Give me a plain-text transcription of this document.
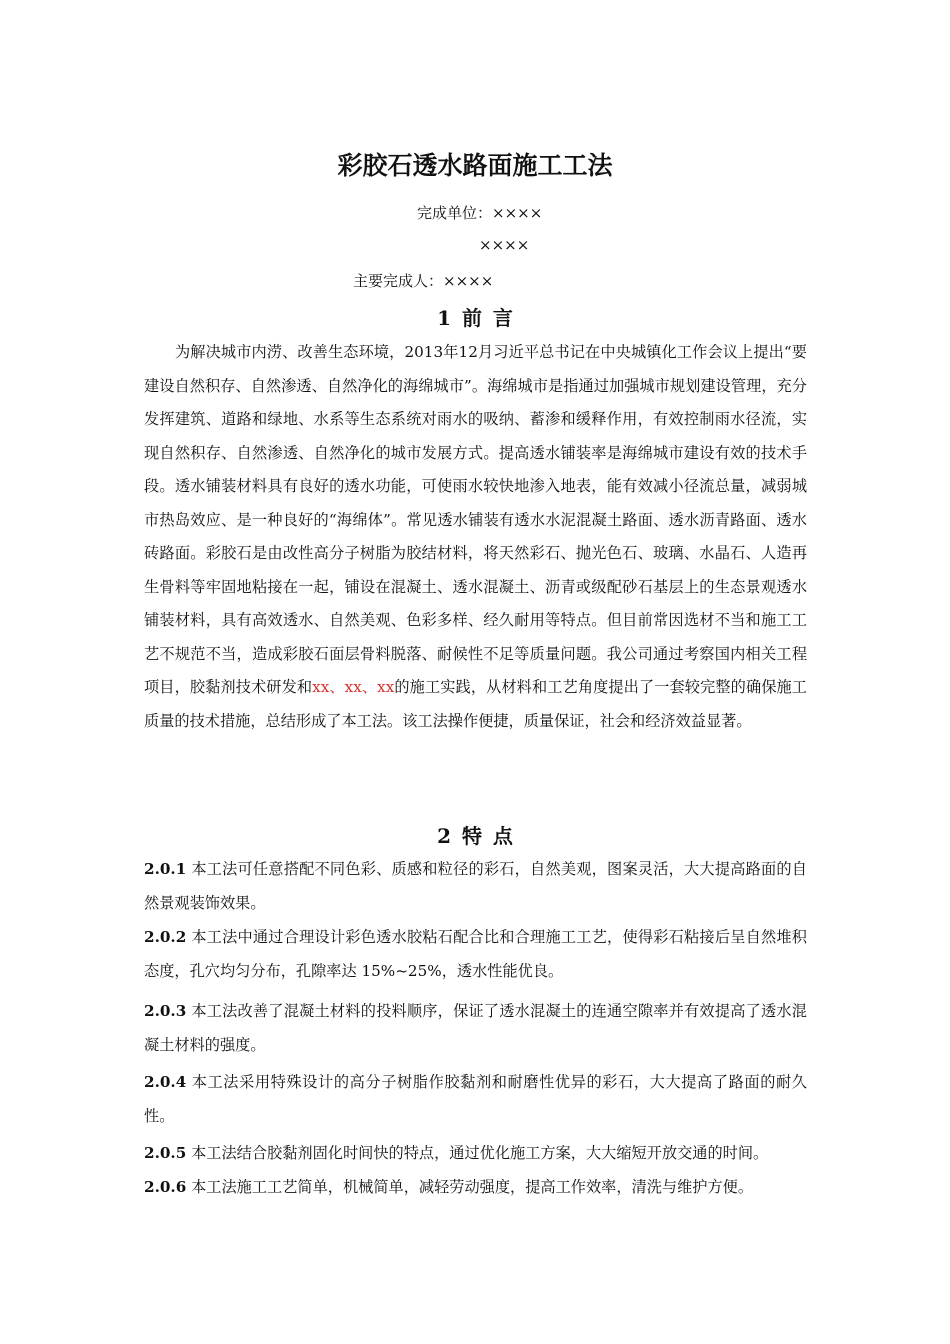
彩胶石透水路面施工工法
完成单位：××××
××××
主要完成人：××××
1 前 言
为解决城市内涝、改善生态环境，2013年12月习近平总书记在中央城镇化工作会议上提出“要建设自然积存、自然渗透、自然净化的海绵城市”。海绵城市是指通过加强城市规划建设管理，充分发挥建筑、道路和绿地、水系等生态系统对雨水的吸纳、蓄渗和缓释作用，有效控制雨水径流，实现自然积存、自然渗透、自然净化的城市发展方式。提高透水铺装率是海绵城市建设有效的技术手段。透水铺装材料具有良好的透水功能，可使雨水较快地渗入地表，能有效减小径流总量，减弱城市热岛效应、是一种良好的“海绵体”。常见透水铺装有透水水泥混凝土路面、透水沥青路面、透水砖路面。彩胶石是由改性高分子树脂为胶结材料，将天然彩石、抛光色石、玻璃、水晶石、人造再生骨料等牢固地粘接在一起，铺设在混凝土、透水混凝土、沥青或级配砂石基层上的生态景观透水铺装材料，具有高效透水、自然美观、色彩多样、经久耐用等特点。但目前常因选材不当和施工工艺不规范不当，造成彩胶石面层骨料脱落、耐候性不足等质量问题。我公司通过考察国内相关工程项目，胶黏剂技术研发和xx、xx、xx的施工实践，从材料和工艺角度提出了一套较完整的确保施工质量的技术措施，总结形成了本工法。该工法操作便捷，质量保证，社会和经济效益显著。
2 特 点
2.0.1 本工法可任意搭配不同色彩、质感和粒径的彩石，自然美观，图案灵活，大大提高路面的自然景观装饰效果。
2.0.2 本工法中通过合理设计彩色透水胶粘石配合比和合理施工工艺，使得彩石粘接后呈自然堆积态度，孔穴均匀分布，孔隙率达 15%~25%，透水性能优良。
2.0.3 本工法改善了混凝土材料的投料顺序，保证了透水混凝土的连通空隙率并有效提高了透水混凝土材料的强度。
2.0.4 本工法采用特殊设计的高分子树脂作胶黏剂和耐磨性优异的彩石，大大提高了路面的耐久性。
2.0.5 本工法结合胶黏剂固化时间快的特点，通过优化施工方案，大大缩短开放交通的时间。
2.0.6 本工法施工工艺简单，机械简单，减轻劳动强度，提高工作效率，清洗与维护方便。
